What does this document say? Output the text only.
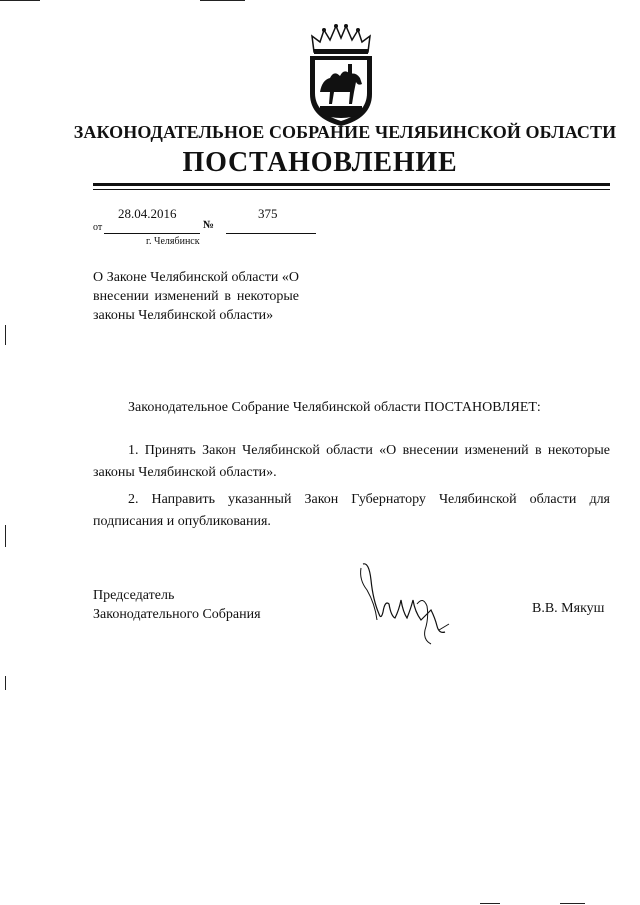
ЗАКОНОДАТЕЛЬНОЕ СОБРАНИЕ ЧЕЛЯБИНСКОЙ ОБЛАСТИ
ПОСТАНОВЛЕНИЕ
от
28.04.2016
№
375
г. Челябинск
О Законе Челябинской области «О внесении изменений в некоторые законы Челябинской области»
Законодательное Собрание Челябинской области ПОСТАНОВЛЯЕТ:
1. Принять Закон Челябинской области «О внесении изменений в некоторые законы Челябинской области».
2. Направить указанный Закон Губернатору Челябинской области для подписания и опубликования.
Председатель
Законодательного Собрания	В.В. Мякуш
